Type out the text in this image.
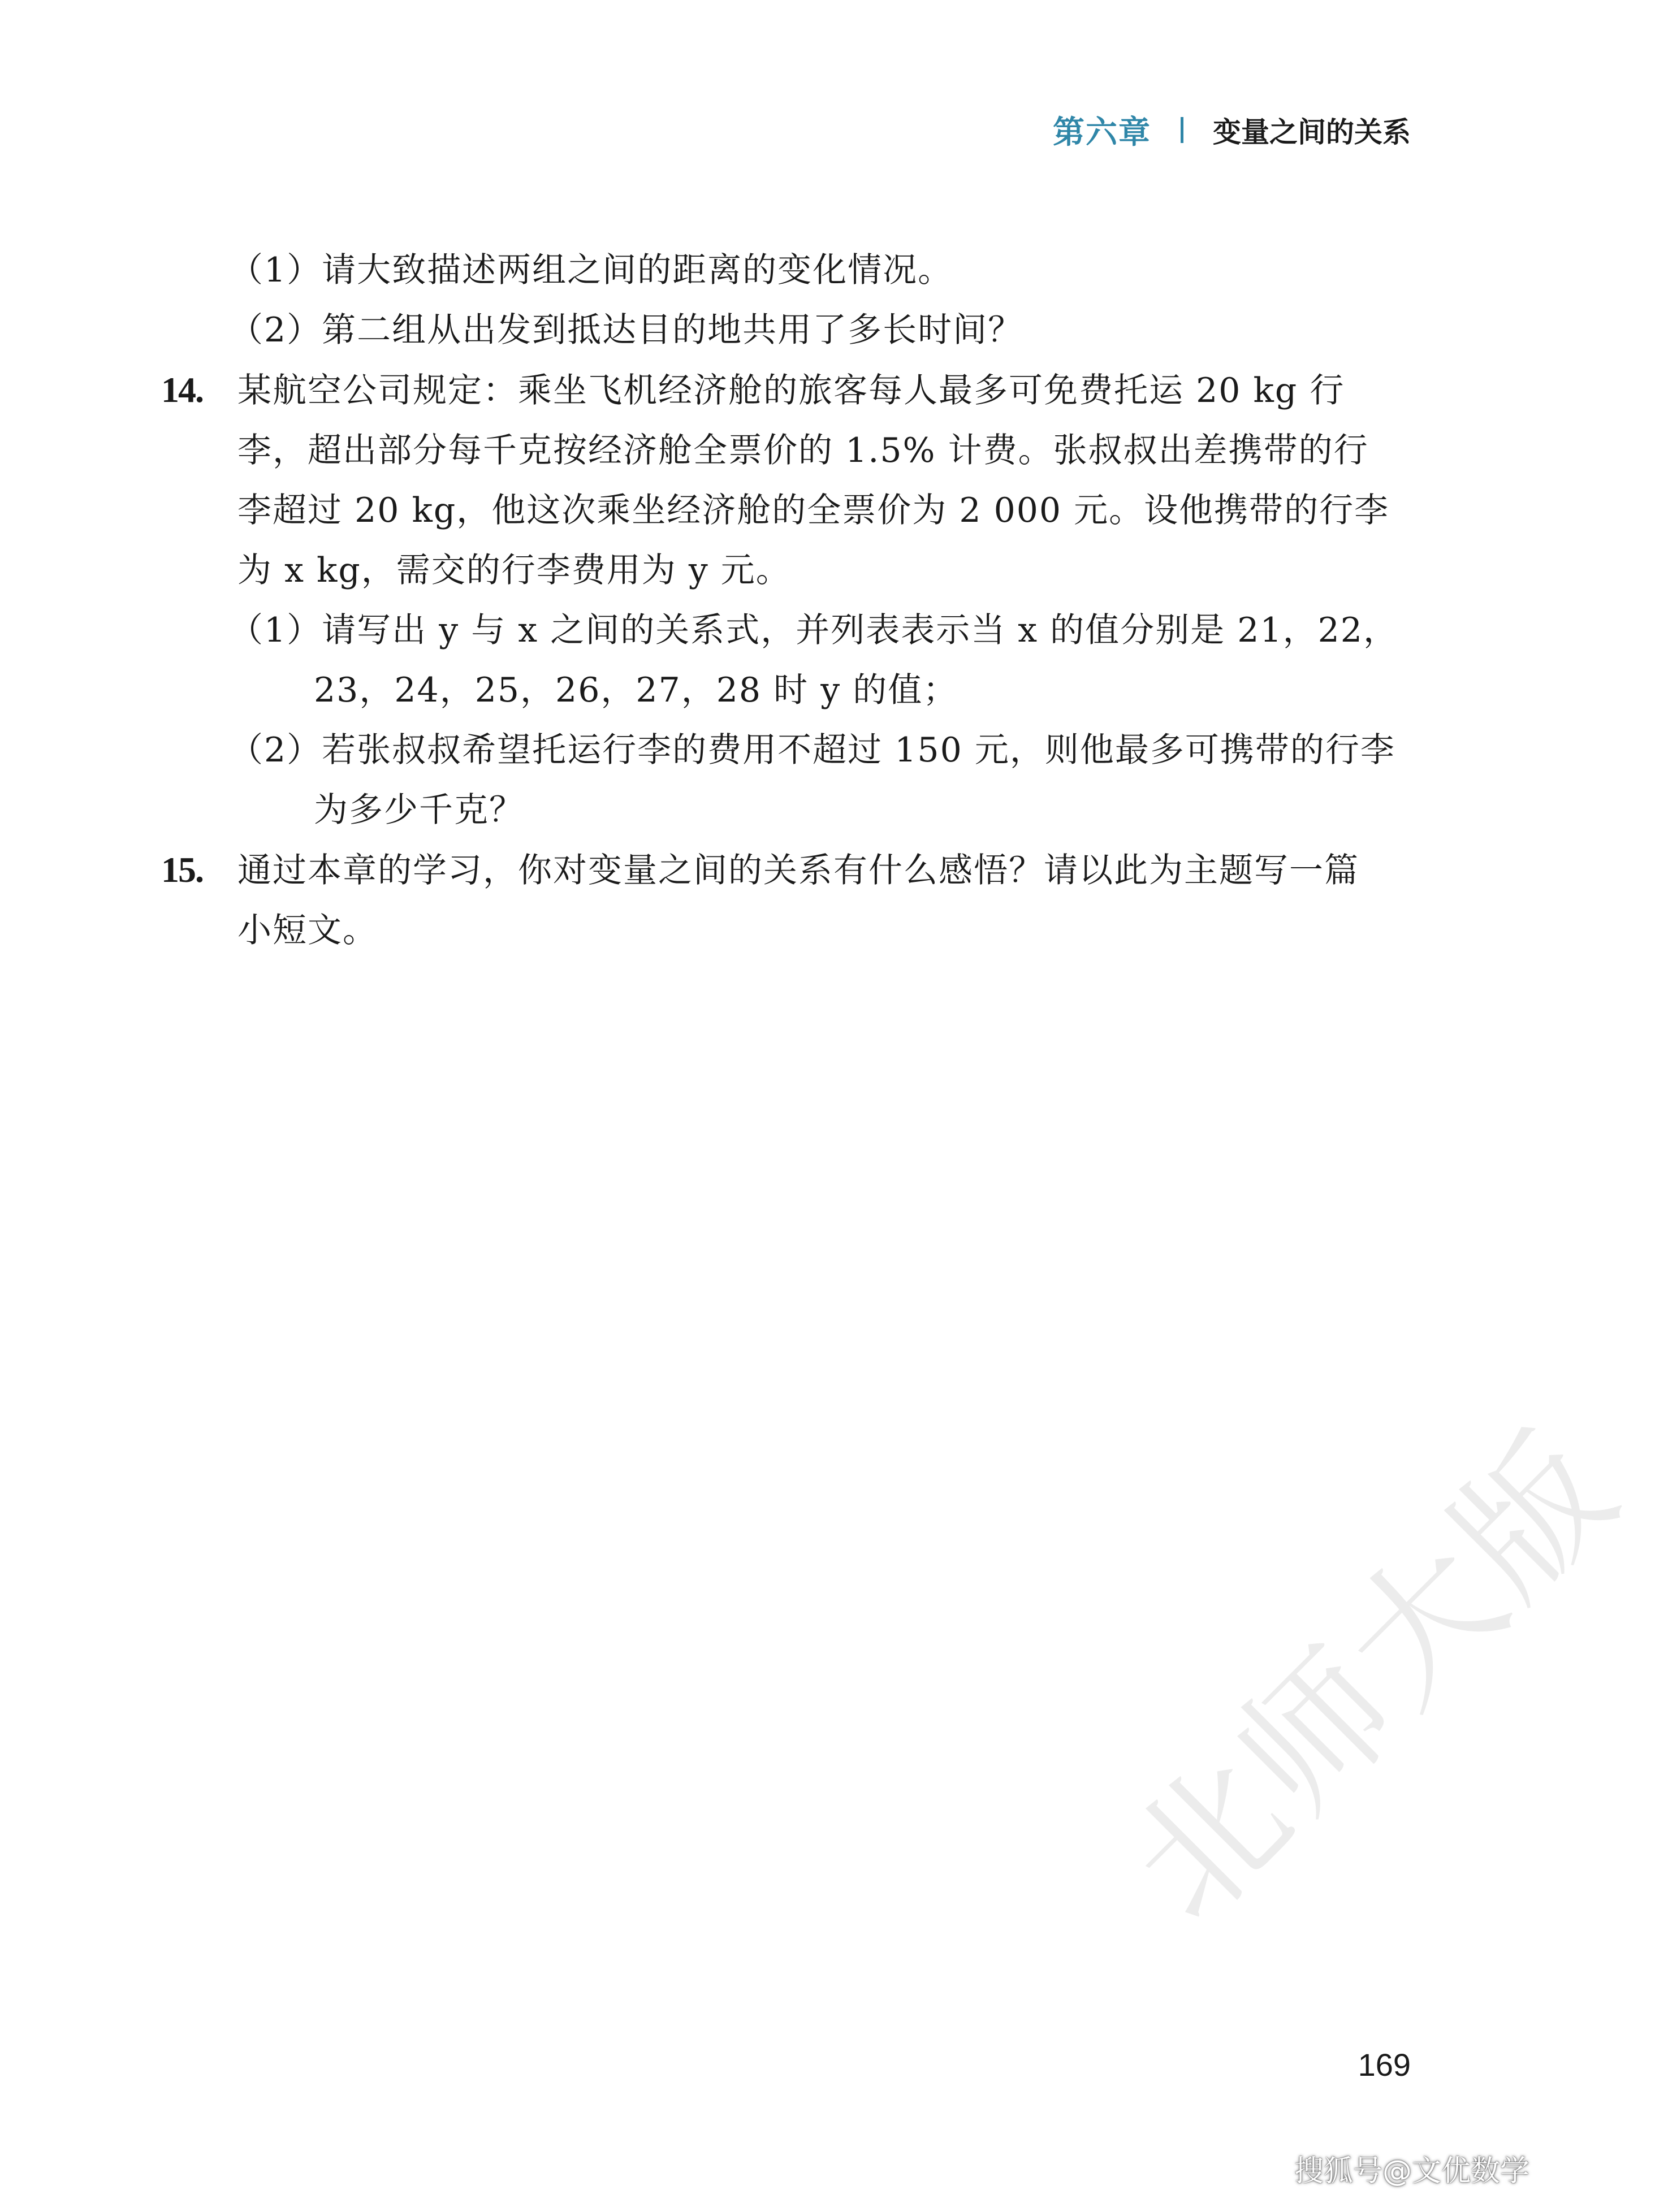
第六章 变量之间的关系
（1）请大致描述两组之间的距离的变化情况。
（2）第二组从出发到抵达目的地共用了多长时间？
14. 某航空公司规定：乘坐飞机经济舱的旅客每人最多可免费托运 20 kg 行
李，超出部分每千克按经济舱全票价的 1.5% 计费。张叔叔出差携带的行
李超过 20 kg，他这次乘坐经济舱的全票价为 2 000 元。设他携带的行李
为 x kg，需交的行李费用为 y 元。
（1）请写出 y 与 x 之间的关系式，并列表表示当 x 的值分别是 21，22，
23，24，25，26，27，28 时 y 的值；
（2）若张叔叔希望托运行李的费用不超过 150 元，则他最多可携带的行李
为多少千克？
15. 通过本章的学习，你对变量之间的关系有什么感悟？请以此为主题写一篇
小短文。
北师大版
169
搜狐号@文优数学
